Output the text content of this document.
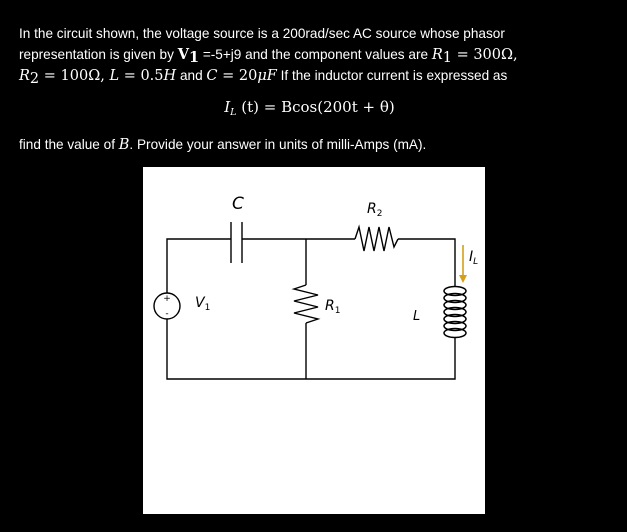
In the circuit shown, the voltage source is a 200rad/sec AC source whose phasor
representation is given by $V_1 =-5+j9$ and the component values are $R_1 = 300\Omega$,
$R_2 = 100\Omega$, L = 0.5H and C = 20μF If the inductor current is expressed as
$I_L$ (t) = Bcos(200t + θ)
find the value of B. Provide your answer in units of milli-Amps (mA).
+
-
C	$R_2$
$I_L$
$V_1$	$R_1$	L
